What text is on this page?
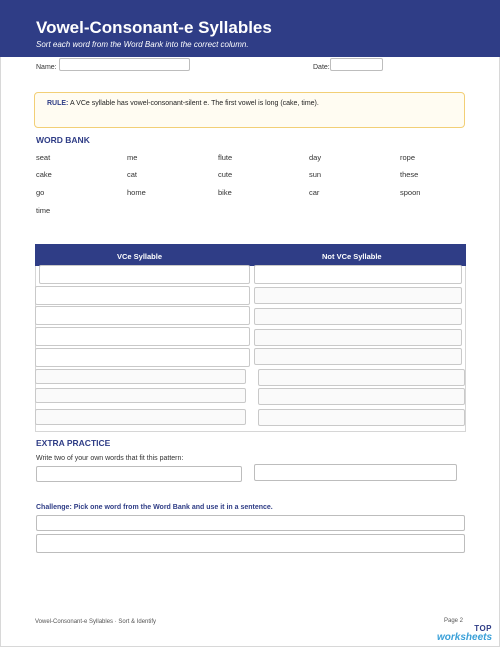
Vowel-Consonant-e Syllables
Sort each word from the Word Bank into the correct column.
Name:	Date:
RULE: A VCe syllable has vowel-consonant-silent e. The first vowel is long (cake, time).
WORD BANK
seat	me	flute	day	rope
cake	cat	cute	sun	these
go	home	bike	car	spoon
time
VCe Syllable	Not VCe Syllable
EXTRA PRACTICE
Write two of your own words that fit this pattern:
Challenge: Pick one word from the Word Bank and use it in a sentence.
Vowel-Consonant-e Syllables · Sort & Identify	Page 2
TOP
worksheets
